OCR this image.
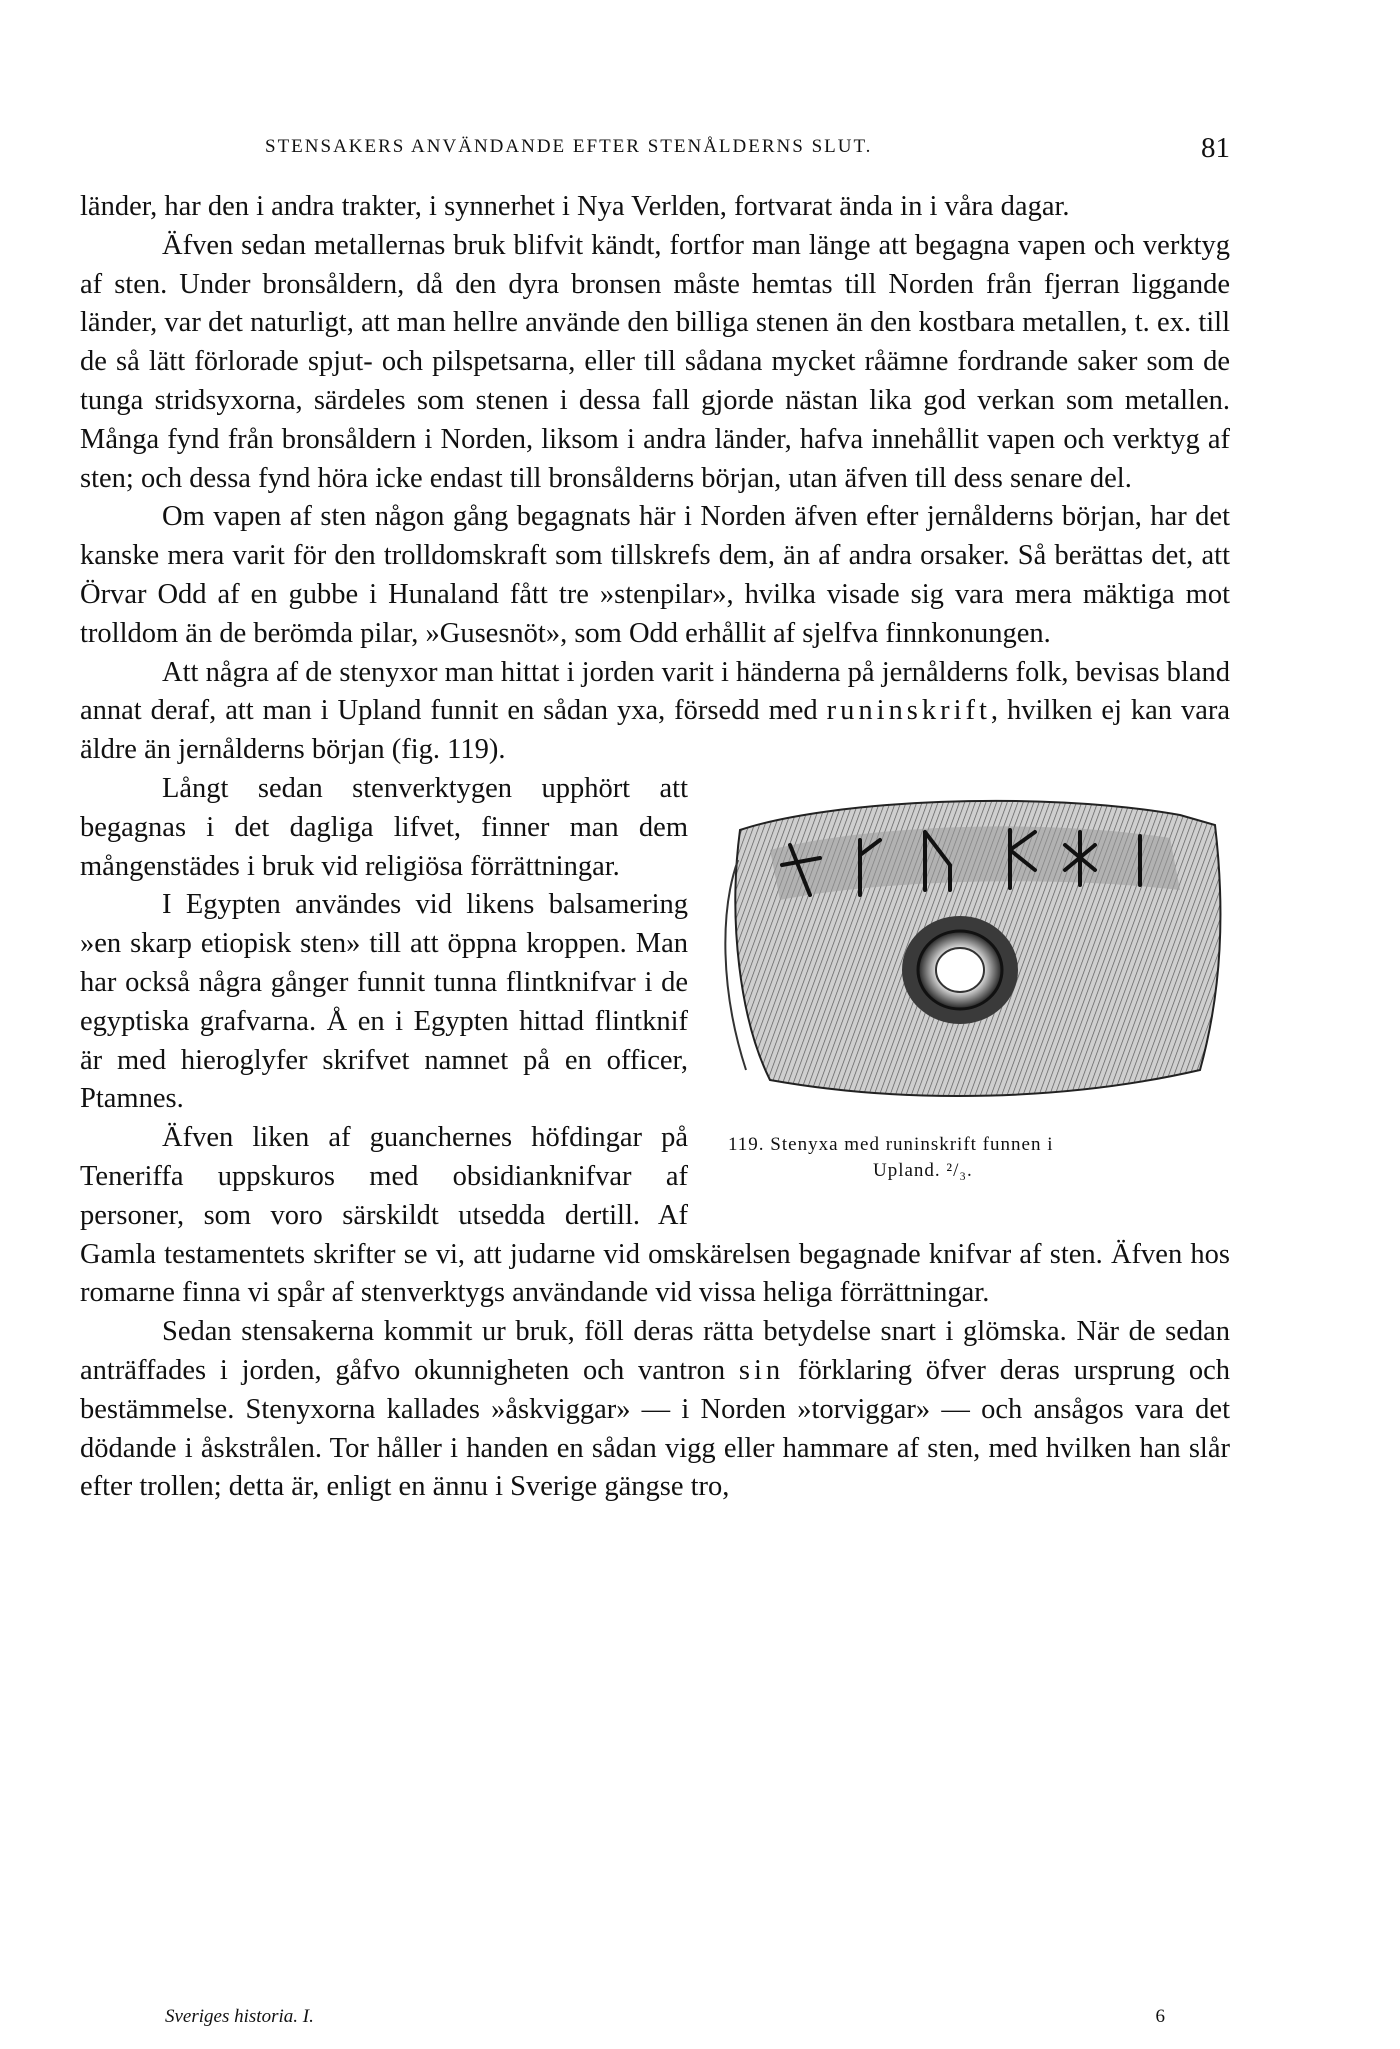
STENSAKERS ANVÄNDANDE EFTER STENÅLDERNS SLUT.	81

länder, har den i andra trakter, i synnerhet i Nya Verlden, fortvarat ända in i våra dagar.

Äfven sedan metallernas bruk blifvit kändt, fortfor man länge att begagna vapen och verktyg af sten. Under bronsåldern, då den dyra bronsen måste hemtas till Norden från fjerran liggande länder, var det naturligt, att man hellre använde den billiga stenen än den kostbara metallen, t. ex. till de så lätt förlorade spjut- och pilspetsarna, eller till sådana mycket råämne fordrande saker som de tunga stridsyxorna, särdeles som stenen i dessa fall gjorde nästan lika god verkan som metallen. Många fynd från bronsåldern i Norden, liksom i andra länder, hafva innehållit vapen och verktyg af sten; och dessa fynd höra icke endast till bronsålderns början, utan äfven till dess senare del.

Om vapen af sten någon gång begagnats här i Norden äfven efter jernålderns början, har det kanske mera varit för den trolldomskraft som tillskrefs dem, än af andra orsaker. Så berättas det, att Örvar Odd af en gubbe i Hunaland fått tre »stenpilar», hvilka visade sig vara mera mäktiga mot trolldom än de berömda pilar, »Gusesnöt», som Odd erhållit af sjelfva finnkonungen.

Att några af de stenyxor man hittat i jorden varit i händerna på jernålderns folk, bevisas bland annat deraf, att man i Upland funnit en sådan yxa, försedd med runinskrift, hvilken ej kan vara äldre än jernålderns början (fig. 119).

119. Stenyxa med runinskrift funnen i
Upland. ²/₃.

Långt sedan stenverktygen upphört att begagnas i det dagliga lifvet, finner man dem mångenstädes i bruk vid religiösa förrättningar.

I Egypten användes vid likens balsamering »en skarp etiopisk sten» till att öppna kroppen. Man har också några gånger funnit tunna flintknifvar i de egyptiska grafvarna. Å en i Egypten hittad flintknif är med hieroglyfer skrifvet namnet på en officer, Ptamnes.

Äfven liken af guanchernes höfdingar på Teneriffa uppskuros med obsidianknifvar af personer, som voro särskildt utsedda dertill. Af Gamla testamentets skrifter se vi, att judarne vid omskärelsen begagnade knifvar af sten. Äfven hos romarne finna vi spår af stenverktygs användande vid vissa heliga förrättningar.

Sedan stensakerna kommit ur bruk, föll deras rätta betydelse snart i glömska. När de sedan anträffades i jorden, gåfvo okunnigheten och vantron sin förklaring öfver deras ursprung och bestämmelse. Stenyxorna kallades »åskviggar» — i Norden »torviggar» — och ansågos vara det dödande i åskstrålen. Tor håller i handen en sådan vigg eller hammare af sten, med hvilken han slår efter trollen; detta är, enligt en ännu i Sverige gängse tro,

Sveriges historia. I.	6
